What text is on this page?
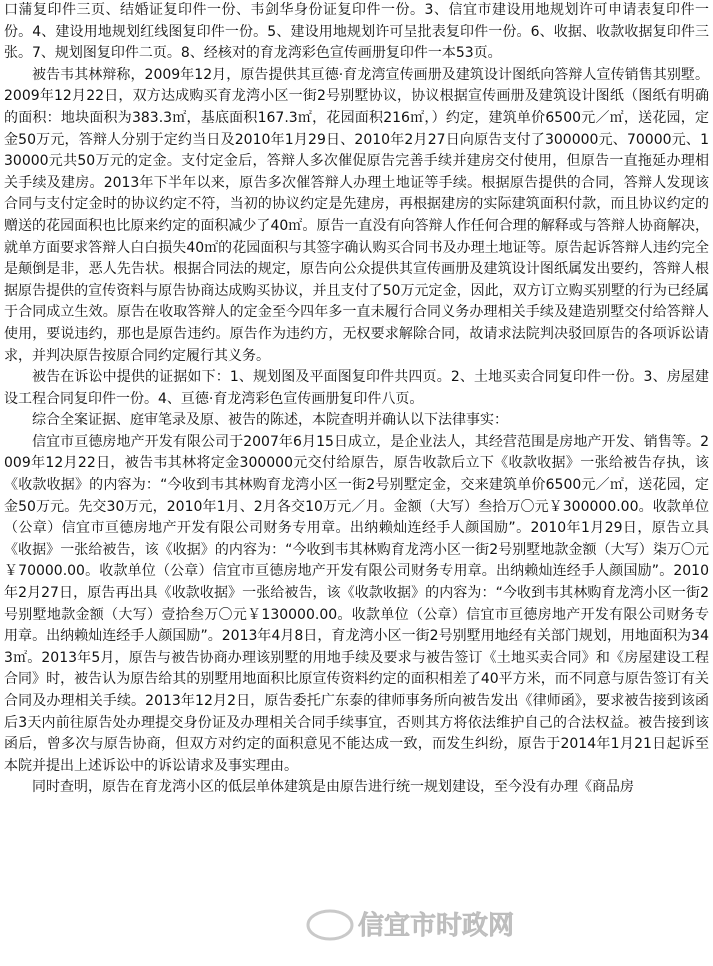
口蒲复印件三页、结婚证复印件一份、韦剑华身份证复印件一份。3、信宜市建设用地规划许可申请表复印件一份。4、建设用地规划红线图复印件一份。5、建设用地规划许可呈批表复印件一份。6、收据、收款收据复印件三张。7、规划图复印件二页。8、经核对的育龙湾彩色宣传画册复印件一本53页。

被告韦其林辩称，2009年12月，原告提供其亘德·育龙湾宣传画册及建筑设计图纸向答辩人宣传销售其别墅。2009年12月22日，双方达成购买育龙湾小区一街2号别墅协议，协议根据宣传画册及建筑设计图纸（图纸有明确的面积：地块面积为383.3㎡，基底面积167.3㎡，花园面积216㎡，）约定，建筑单价6500元／㎡，送花园，定金50万元，答辩人分别于定约当日及2010年1月29日、2010年2月27日向原告支付了300000元、70000元、130000元共50万元的定金。支付定金后，答辩人多次催促原告完善手续并建房交付使用，但原告一直拖延办理相关手续及建房。2013年下半年以来，原告多次催答辩人办理土地证等手续。根据原告提供的合同，答辩人发现该合同与支付定金时的协议约定不符，当初的协议约定是先建房，再根据建房的实际建筑面积付款，而且协议约定的赠送的花园面积也比原来约定的面积减少了40㎡。原告一直没有向答辩人作任何合理的解释或与答辩人协商解决，就单方面要求答辩人白白损失40㎡的花园面积与其签字确认购买合同书及办理土地证等。原告起诉答辩人违约完全是颠倒是非，恶人先告状。根据合同法的规定，原告向公众提供其宣传画册及建筑设计图纸属发出要约，答辩人根据原告提供的宣传资料与原告协商达成购买协议，并且支付了50万元定金，因此，双方订立购买别墅的行为已经属于合同成立生效。原告在收取答辩人的定金至今四年多一直未履行合同义务办理相关手续及建造别墅交付给答辩人使用，要说违约，那也是原告违约。原告作为违约方，无权要求解除合同，故请求法院判决驳回原告的各项诉讼请求，并判决原告按原合同约定履行其义务。

被告在诉讼中提供的证据如下：1、规划图及平面图复印件共四页。2、土地买卖合同复印件一份。3、房屋建设工程合同复印件一份。4、亘德·育龙湾彩色宣传画册复印件八页。

综合全案证据、庭审笔录及原、被告的陈述，本院查明并确认以下法律事实：

信宜市亘德房地产开发有限公司于2007年6月15日成立，是企业法人，其经营范围是房地产开发、销售等。2009年12月22日，被告韦其林将定金300000元交付给原告，原告收款后立下《收款收据》一张给被告存执，该《收款收据》的内容为：“今收到韦其林购育龙湾小区一街2号别墅定金，交来建筑单价6500元／㎡，送花园，定金50万元。先交30万元，2010年1月、2月各交10万元／月。金额（大写）叁拾万〇元￥300000.00。收款单位（公章）信宜市亘德房地产开发有限公司财务专用章。出纳赖灿连经手人颜国励”。2010年1月29日，原告立具《收据》一张给被告，该《收据》的内容为：“今收到韦其林购育龙湾小区一街2号别墅地款金额（大写）柒万〇元￥70000.00。收款单位（公章）信宜市亘德房地产开发有限公司财务专用章。出纳赖灿连经手人颜国励”。2010年2月27日，原告再出具《收款收据》一张给被告，该《收款收据》的内容为：“今收到韦其林购育龙湾小区一街2号别墅地款金额（大写）壹拾叁万〇元￥130000.00。收款单位（公章）信宜市亘德房地产开发有限公司财务专用章。出纳赖灿连经手人颜国励”。2013年4月8日，育龙湾小区一街2号别墅用地经有关部门规划，用地面积为343㎡。2013年5月，原告与被告协商办理该别墅的用地手续及要求与被告签订《土地买卖合同》和《房屋建设工程合同》时，被告认为原告给其的别墅用地面积比原宣传资料约定的面积相差了40平方米，而不同意与原告签订有关合同及办理相关手续。2013年12月2日，原告委托广东泰的律师事务所向被告发出《律师函》，要求被告接到该函后3天内前往原告处办理提交身份证及办理相关合同手续事宜，否则其方将依法维护自己的合法权益。被告接到该函后，曾多次与原告协商，但双方对约定的面积意见不能达成一致，而发生纠纷，原告于2014年1月21日起诉至本院并提出上述诉讼中的诉讼请求及事实理由。

同时查明，原告在育龙湾小区的低层单体建筑是由原告进行统一规划建设，至今没有办理《商品房

信宜市时政网
